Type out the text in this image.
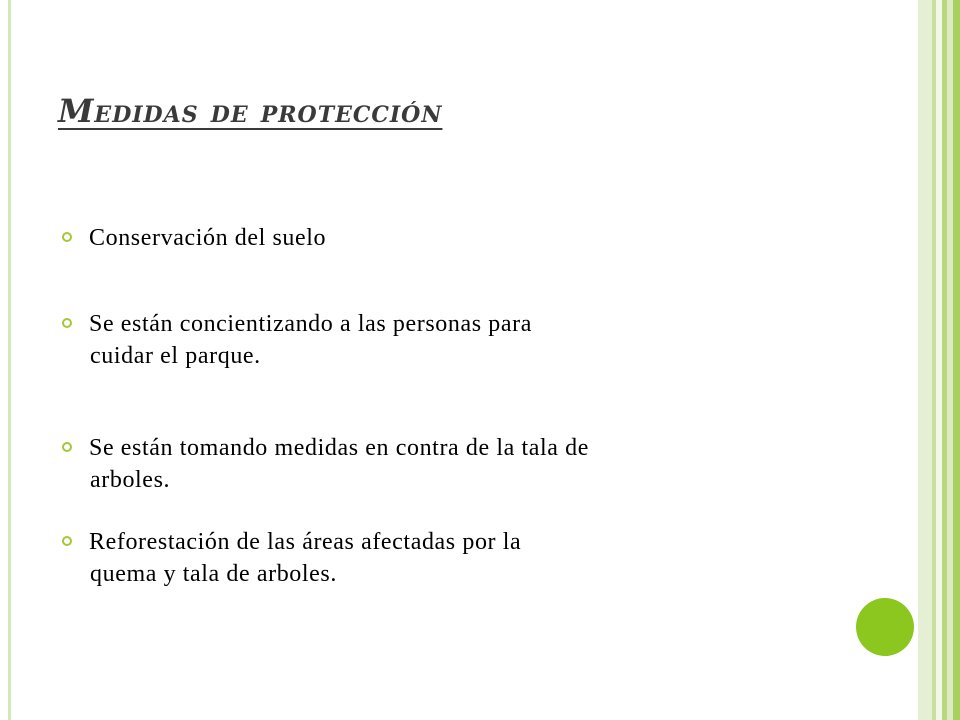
Medidas de protección
Conservación del suelo
Se están concientizando a las personas para
cuidar el parque.
Se están tomando medidas en contra de la tala de
arboles.
Reforestación de las áreas afectadas por la
quema y tala de arboles.
